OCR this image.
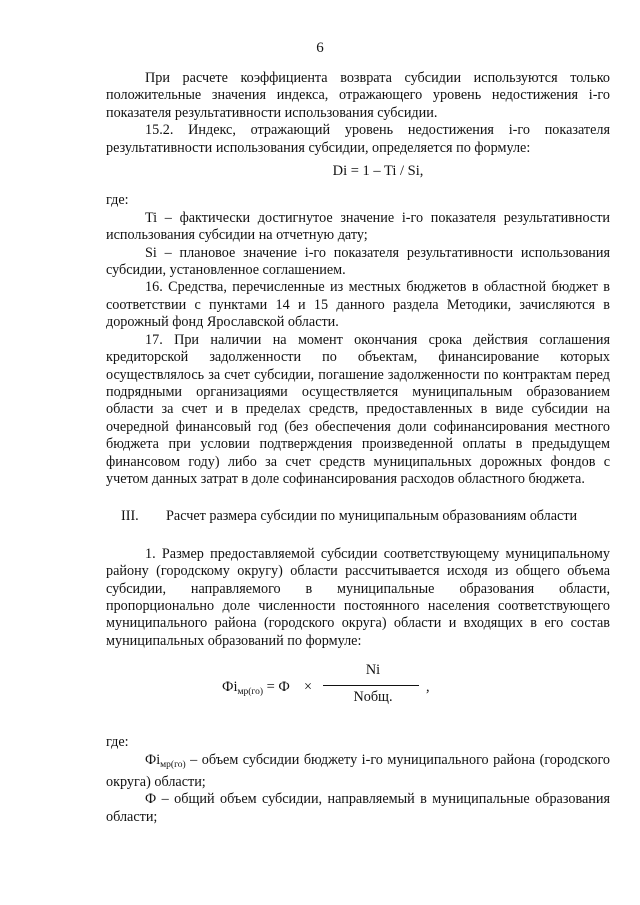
6

При расчете коэффициента возврата субсидии используются только положительные значения индекса, отражающего уровень недостижения i-го показателя результативности использования субсидии.

15.2. Индекс, отражающий уровень недостижения i-го показателя результативности использования субсидии, определяется по формуле:

Di = 1 – Ti / Si,

где:

Ti – фактически достигнутое значение i-го показателя результативности использования субсидии на отчетную дату;

Si – плановое значение i-го показателя результативности использования субсидии, установленное соглашением.

16. Средства, перечисленные из местных бюджетов в областной бюджет в соответствии с пунктами 14 и 15 данного раздела Методики, зачисляются в дорожный фонд Ярославской области.

17. При наличии на момент окончания срока действия соглашения кредиторской задолженности по объектам, финансирование которых осуществлялось за счет субсидии, погашение задолженности по контрактам перед подрядными организациями осуществляется муниципальным образованием области за счет и в пределах средств, предоставленных в виде субсидии на очередной финансовый год (без обеспечения доли софинансирования местного бюджета при условии подтверждения произведенной оплаты в предыдущем финансовом году) либо за счет средств муниципальных дорожных фондов с учетом данных затрат в доле софинансирования расходов областного бюджета.

III. Расчет размера субсидии по муниципальным образованиям области

1. Размер предоставляемой субсидии соответствующему муниципальному району (городскому округу) области рассчитывается исходя из общего объема субсидии, направляемого в муниципальные образования области, пропорционально доле численности постоянного населения соответствующего муниципального района (городского округа) области и входящих в его состав муниципальных образований по формуле:

$Фi_{мр(го)} = Ф$ ×
Ni
Nобщ.
,

где:

$Фi_{мр(го)}$ – объем субсидии бюджету i-го муниципального района (городского округа) области;

Ф – общий объем субсидии, направляемый в муниципальные образования области;
